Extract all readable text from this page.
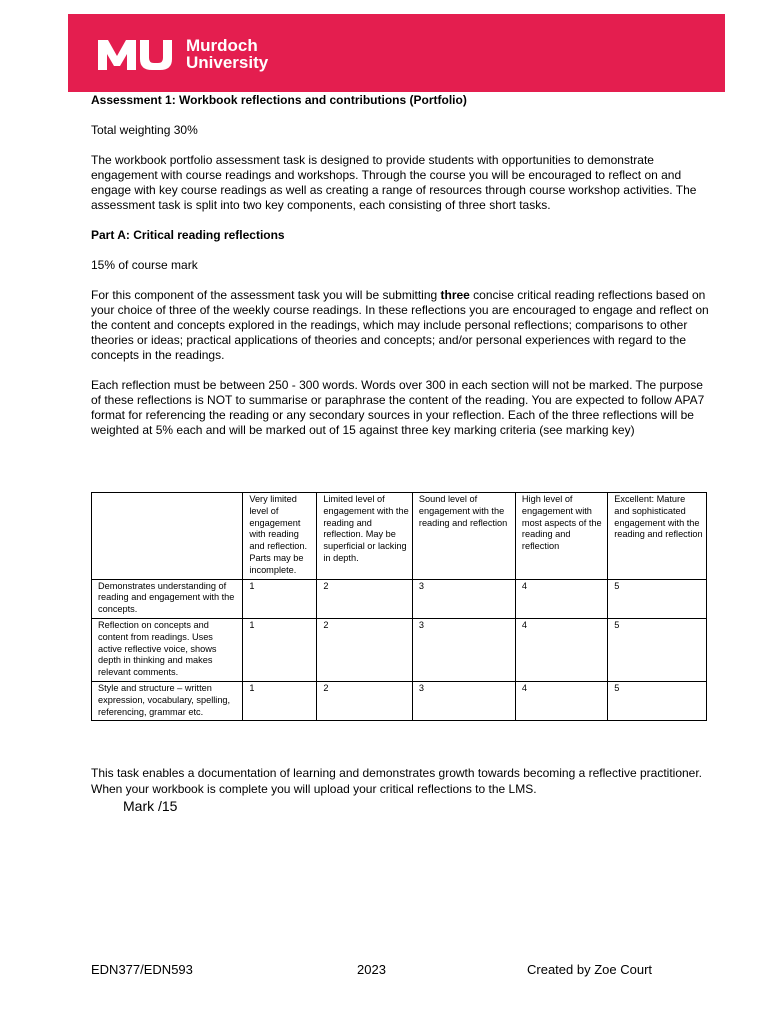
Murdoch
University
Assessment 1: Workbook reflections and contributions (Portfolio)

Total weighting 30%

The workbook portfolio assessment task is designed to provide students with opportunities to demonstrate engagement with course readings and workshops. Through the course you will be encouraged to reflect on and engage with key course readings as well as creating a range of resources through course workshop activities. The assessment task is split into two key components, each consisting of three short tasks.

Part A: Critical reading reflections

15% of course mark

For this component of the assessment task you will be submitting three concise critical reading reflections based on your choice of three of the weekly course readings. In these reflections you are encouraged to engage and reflect on the content and concepts explored in the readings, which may include personal reflections; comparisons to other theories or ideas; practical applications of theories and concepts; and/or personal experiences with regard to the concepts in the readings.

Each reflection must be between 250 - 300 words. Words over 300 in each section will not be marked. The purpose of these reflections is NOT to summarise or paraphrase the content of the reading. You are expected to follow APA7 format for referencing the reading or any secondary sources in your reflection. Each of the three reflections will be weighted at 5% each and will be marked out of 15 against three key marking criteria (see marking key)

	Very limited level of engagement with reading and reflection. Parts may be incomplete.	Limited level of engagement with the reading and reflection. May be superficial or lacking in depth.	Sound level of engagement with the reading and reflection	High level of engagement with most aspects of the reading and reflection	Excellent: Mature and sophisticated engagement with the reading and reflection
Demonstrates understanding of reading and engagement with the concepts.	1	2	3	4	5
Reflection on concepts and content from readings. Uses active reflective voice, shows depth in thinking and makes relevant comments.	1	2	3	4	5
Style and structure – written expression, vocabulary, spelling, referencing, grammar etc.	1	2	3	4	5
This task enables a documentation of learning and demonstrates growth towards becoming a reflective practitioner. When your workbook is complete you will upload your critical reflections to the LMS.
Mark /15
EDN377/EDN593	2023	Created by Zoe Court
